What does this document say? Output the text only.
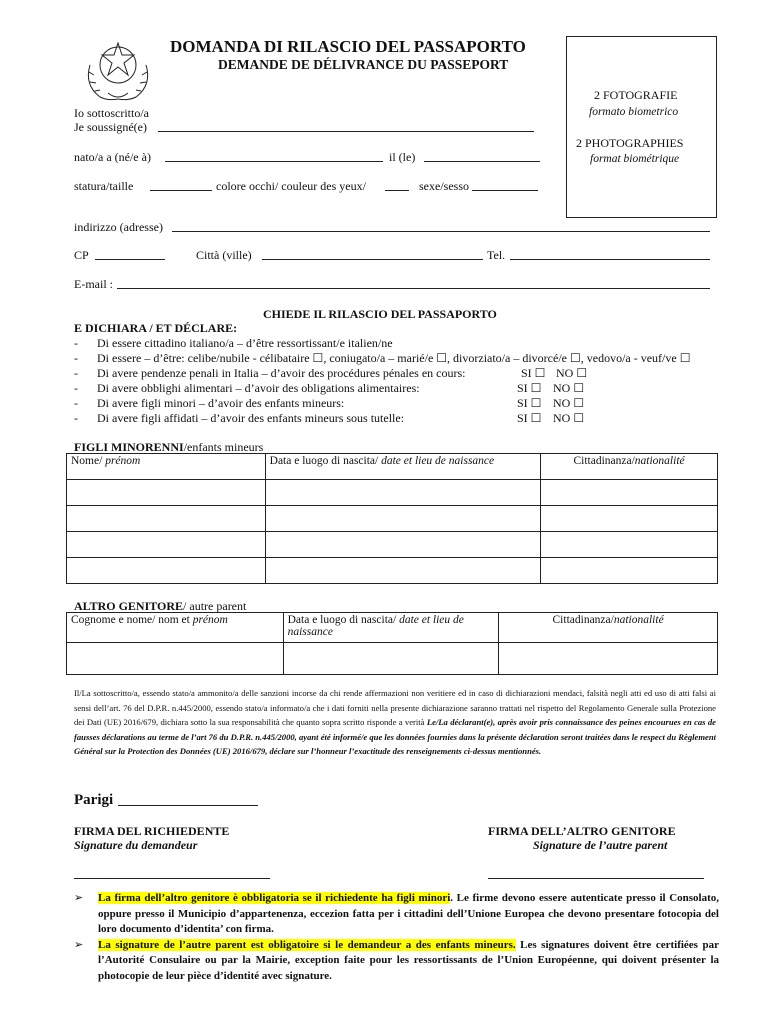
DOMANDA DI RILASCIO DEL PASSAPORTO
DEMANDE DE DÉLIVRANCE DU PASSEPORT
2 FOTOGRAFIE
formato biometrico
2 PHOTOGRAPHIES
format biométrique
Io sottoscritto/a
Je soussigné(e)
nato/a a (né/e à)	il (le)
statura/taille	colore occhi/ couleur des yeux/	sexe/sesso
indirizzo (adresse)
CP	Città (ville)	Tel.
E-mail :
CHIEDE IL RILASCIO DEL PASSAPORTO
E DICHIARA / ET DÉCLARE:
- Di essere cittadino italiano/a – d’être ressortissant/e italien/ne
- Di essere – d’être: celibe/nubile - célibataire ☐, coniugato/a – marié/e ☐, divorziato/a – divorcé/e ☐, vedovo/a - veuf/ve ☐
- Di avere pendenze penali in Italia – d’avoir des procédures pénales en cours:	SI ☐ NO ☐
- Di avere obblighi alimentari – d’avoir des obligations alimentaires:	SI ☐ NO ☐
- Di avere figli minori – d’avoir des enfants mineurs:	SI ☐ NO ☐
- Di avere figli affidati – d’avoir des enfants mineurs sous tutelle:	SI ☐ NO ☐
FIGLI MINORENNI/enfants mineurs
Nome/ prénom	Data e luogo di nascita/ date et lieu de naissance	Cittadinanza/nationalité

ALTRO GENITORE/ autre parent
Cognome e nome/ nom et prénom	Data e luogo di nascita/ date et lieu de
naissance	Cittadinanza/nationalité

Il/La sottoscritto/a, essendo stato/a ammonito/a delle sanzioni incorse da chi rende affermazioni non veritiere ed in caso di dichiarazioni mendaci, falsità negli atti ed uso di atti falsi ai sensi dell’art. 76 del D.P.R. n.445/2000, essendo stato/a informato/a che i dati forniti nella presente dichiarazione saranno trattati nel rispetto del Regolamento Generale sulla Protezione dei Dati (UE) 2016/679, dichiara sotto la sua responsabilità che quanto sopra scritto risponde a verità Le/La déclarant(e), après avoir pris connaissance des peines encourues en cas de fausses déclarations au terme de l’art 76 du D.P.R. n.445/2000, ayant été informé/e que les données fournies dans la présente déclaration seront traitées dans le respect du Règlement Général sur la Protection des Données (UE) 2016/679, déclare sur l’honneur l’exactitude des renseignements ci-dessus mentionnés.
Parigi
FIRMA DEL RICHIEDENTE
Signature du demandeur
FIRMA DELL’ALTRO GENITORE
Signature de l’autre parent
➢ La firma dell’altro genitore è obbligatoria se il richiedente ha figli minori. Le firme devono essere autenticate presso il Consolato, oppure presso il Municipio d’appartenenza, eccezion fatta per i cittadini dell’Unione Europea che devono presentare fotocopia del loro documento d’identita’ con firma.
➢ La signature de l’autre parent est obligatoire si le demandeur a des enfants mineurs. Les signatures doivent être certifiées par l’Autorité Consulaire ou par la Mairie, exception faite pour les ressortissants de l’Union Européenne, qui doivent présenter la photocopie de leur pièce d’identité avec signature.
